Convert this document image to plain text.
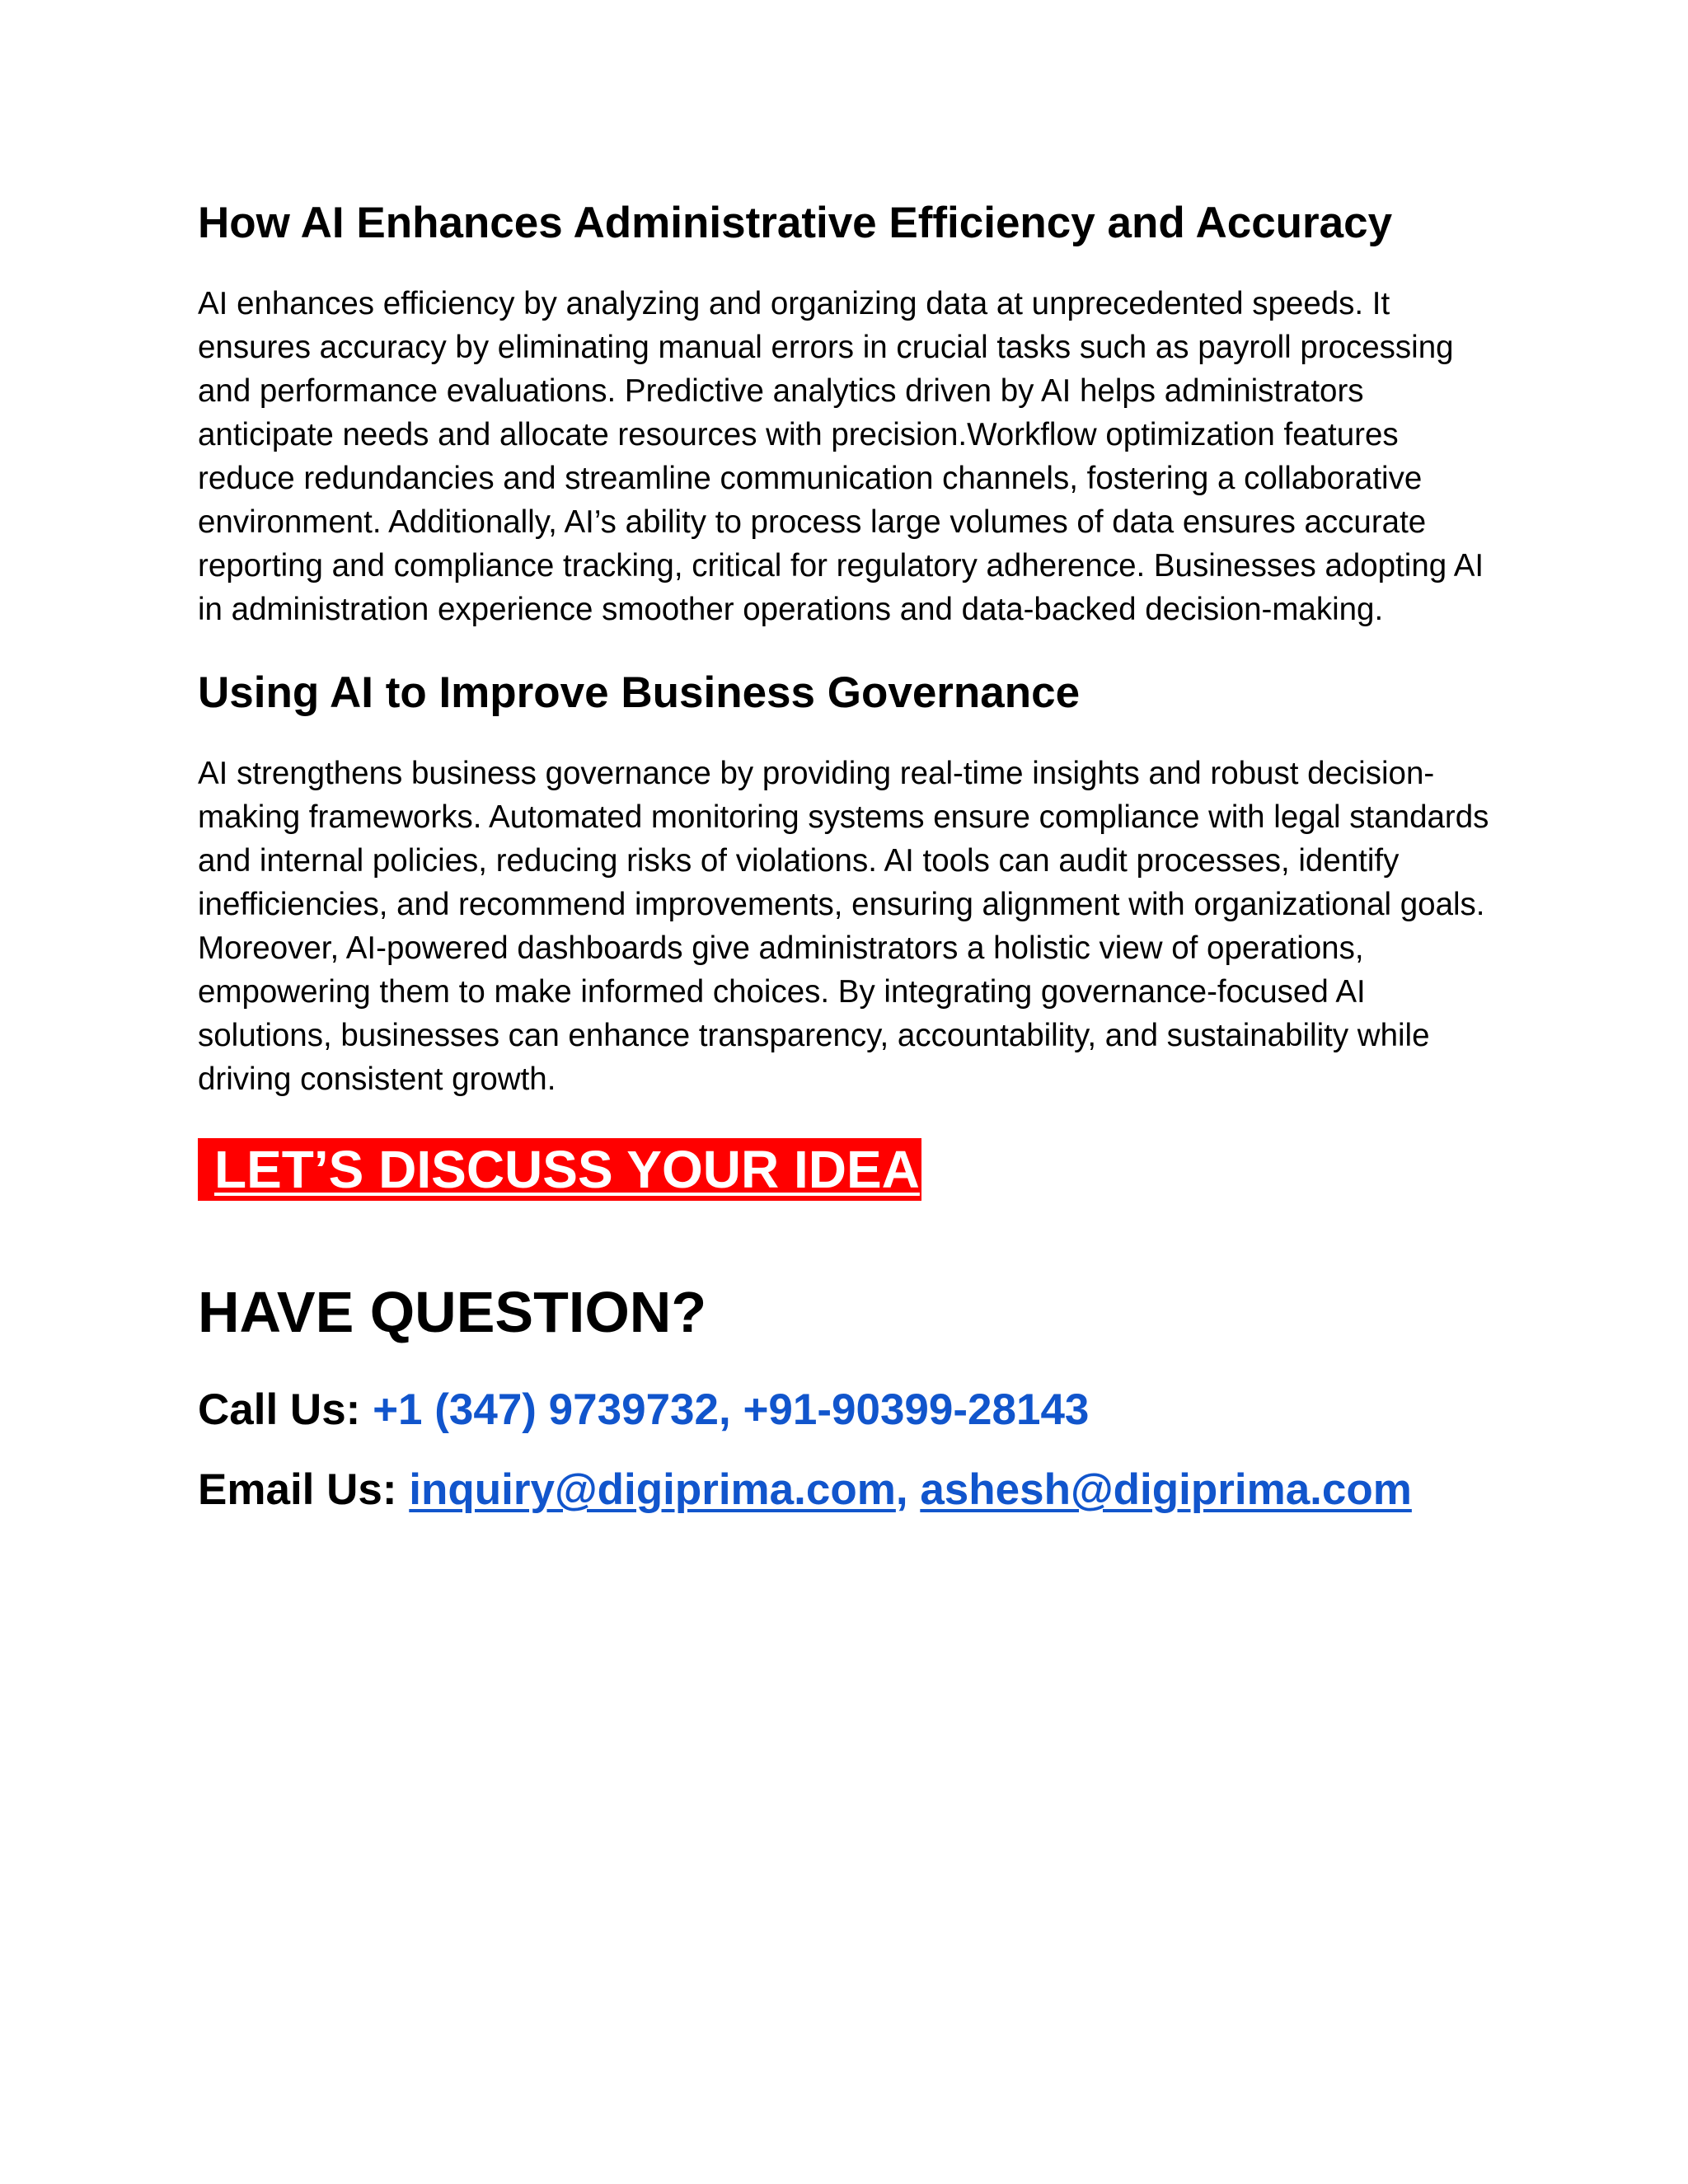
How AI Enhances Administrative Efficiency and Accuracy

AI enhances efficiency by analyzing and organizing data at unprecedented speeds. It ensures accuracy by eliminating manual errors in crucial tasks such as payroll processing and performance evaluations. Predictive analytics driven by AI helps administrators anticipate needs and allocate resources with precision.Workflow optimization features reduce redundancies and streamline communication channels, fostering a collaborative environment. Additionally, AI’s ability to process large volumes of data ensures accurate reporting and compliance tracking, critical for regulatory adherence. Businesses adopting AI in administration experience smoother operations and data-backed decision-making.

Using AI to Improve Business Governance

AI strengthens business governance by providing real-time insights and robust decision-making frameworks. Automated monitoring systems ensure compliance with legal standards and internal policies, reducing risks of violations. AI tools can audit processes, identify inefficiencies, and recommend improvements, ensuring alignment with organizational goals. Moreover, AI-powered dashboards give administrators a holistic view of operations, empowering them to make informed choices. By integrating governance-focused AI solutions, businesses can enhance transparency, accountability, and sustainability while driving consistent growth.

LET’S DISCUSS YOUR IDEA
HAVE QUESTION?

Call Us: +1 (347) 9739732, +91-90399-28143

Email Us: inquiry@digiprima.com, ashesh@digiprima.com
